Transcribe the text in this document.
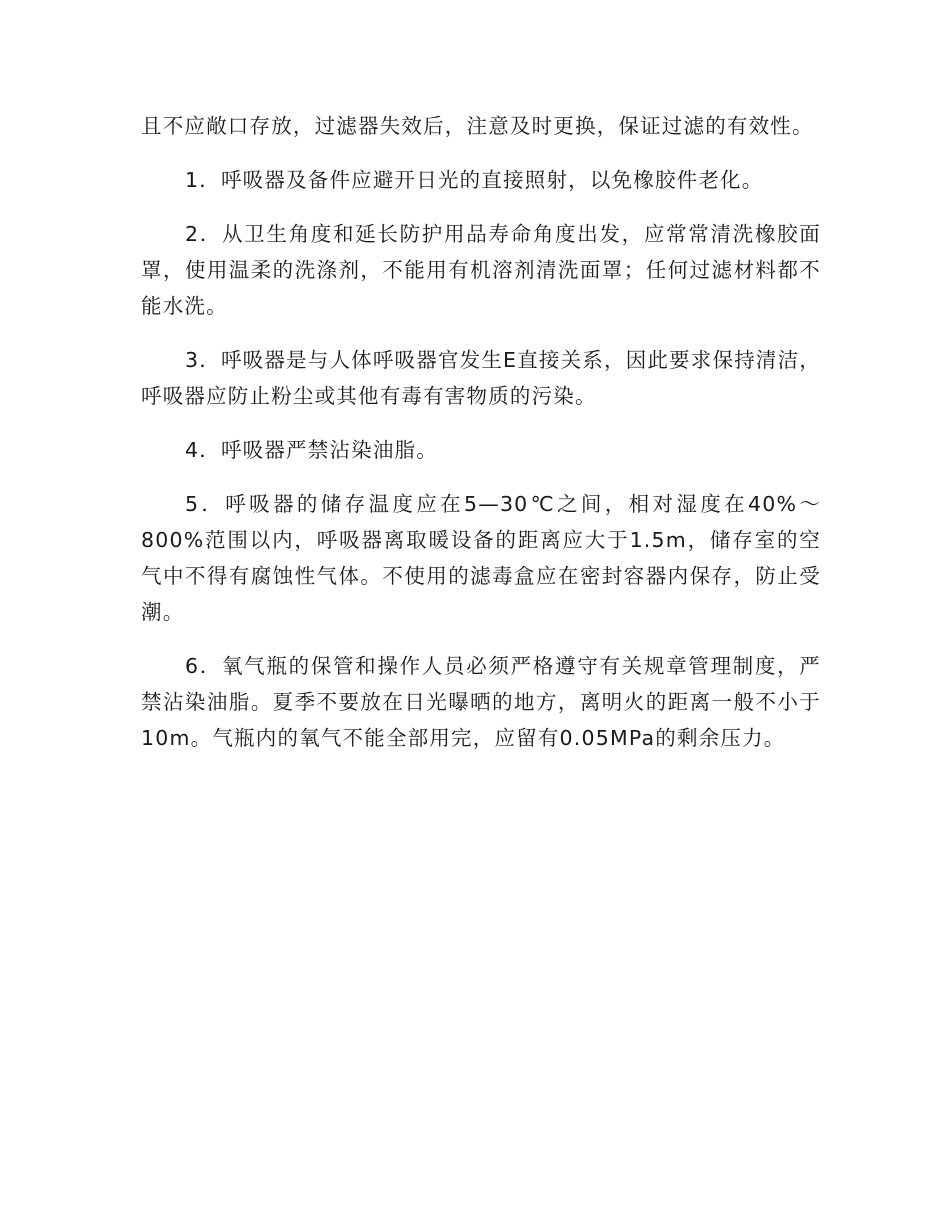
且不应敞口存放，过滤器失效后，注意及时更换，保证过滤的有效性。

1．呼吸器及备件应避开日光的直接照射，以免橡胶件老化。

2．从卫生角度和延长防护用品寿命角度出发，应常常清洗橡胶面罩，使用温柔的洗涤剂，不能用有机溶剂清洗面罩；任何过滤材料都不能水洗。

3．呼吸器是与人体呼吸器官发生E直接关系，因此要求保持清洁，呼吸器应防止粉尘或其他有毒有害物质的污染。

4．呼吸器严禁沾染油脂。

5．呼吸器的储存温度应在5—30℃之间，相对湿度在40%～800%范围以内，呼吸器离取暖设备的距离应大于1.5m，储存室的空气中不得有腐蚀性气体。不使用的滤毒盒应在密封容器内保存，防止受潮。

6．氧气瓶的保管和操作人员必须严格遵守有关规章管理制度，严禁沾染油脂。夏季不要放在日光曝晒的地方，离明火的距离一般不小于10m。气瓶内的氧气不能全部用完，应留有0.05MPa的剩余压力。
